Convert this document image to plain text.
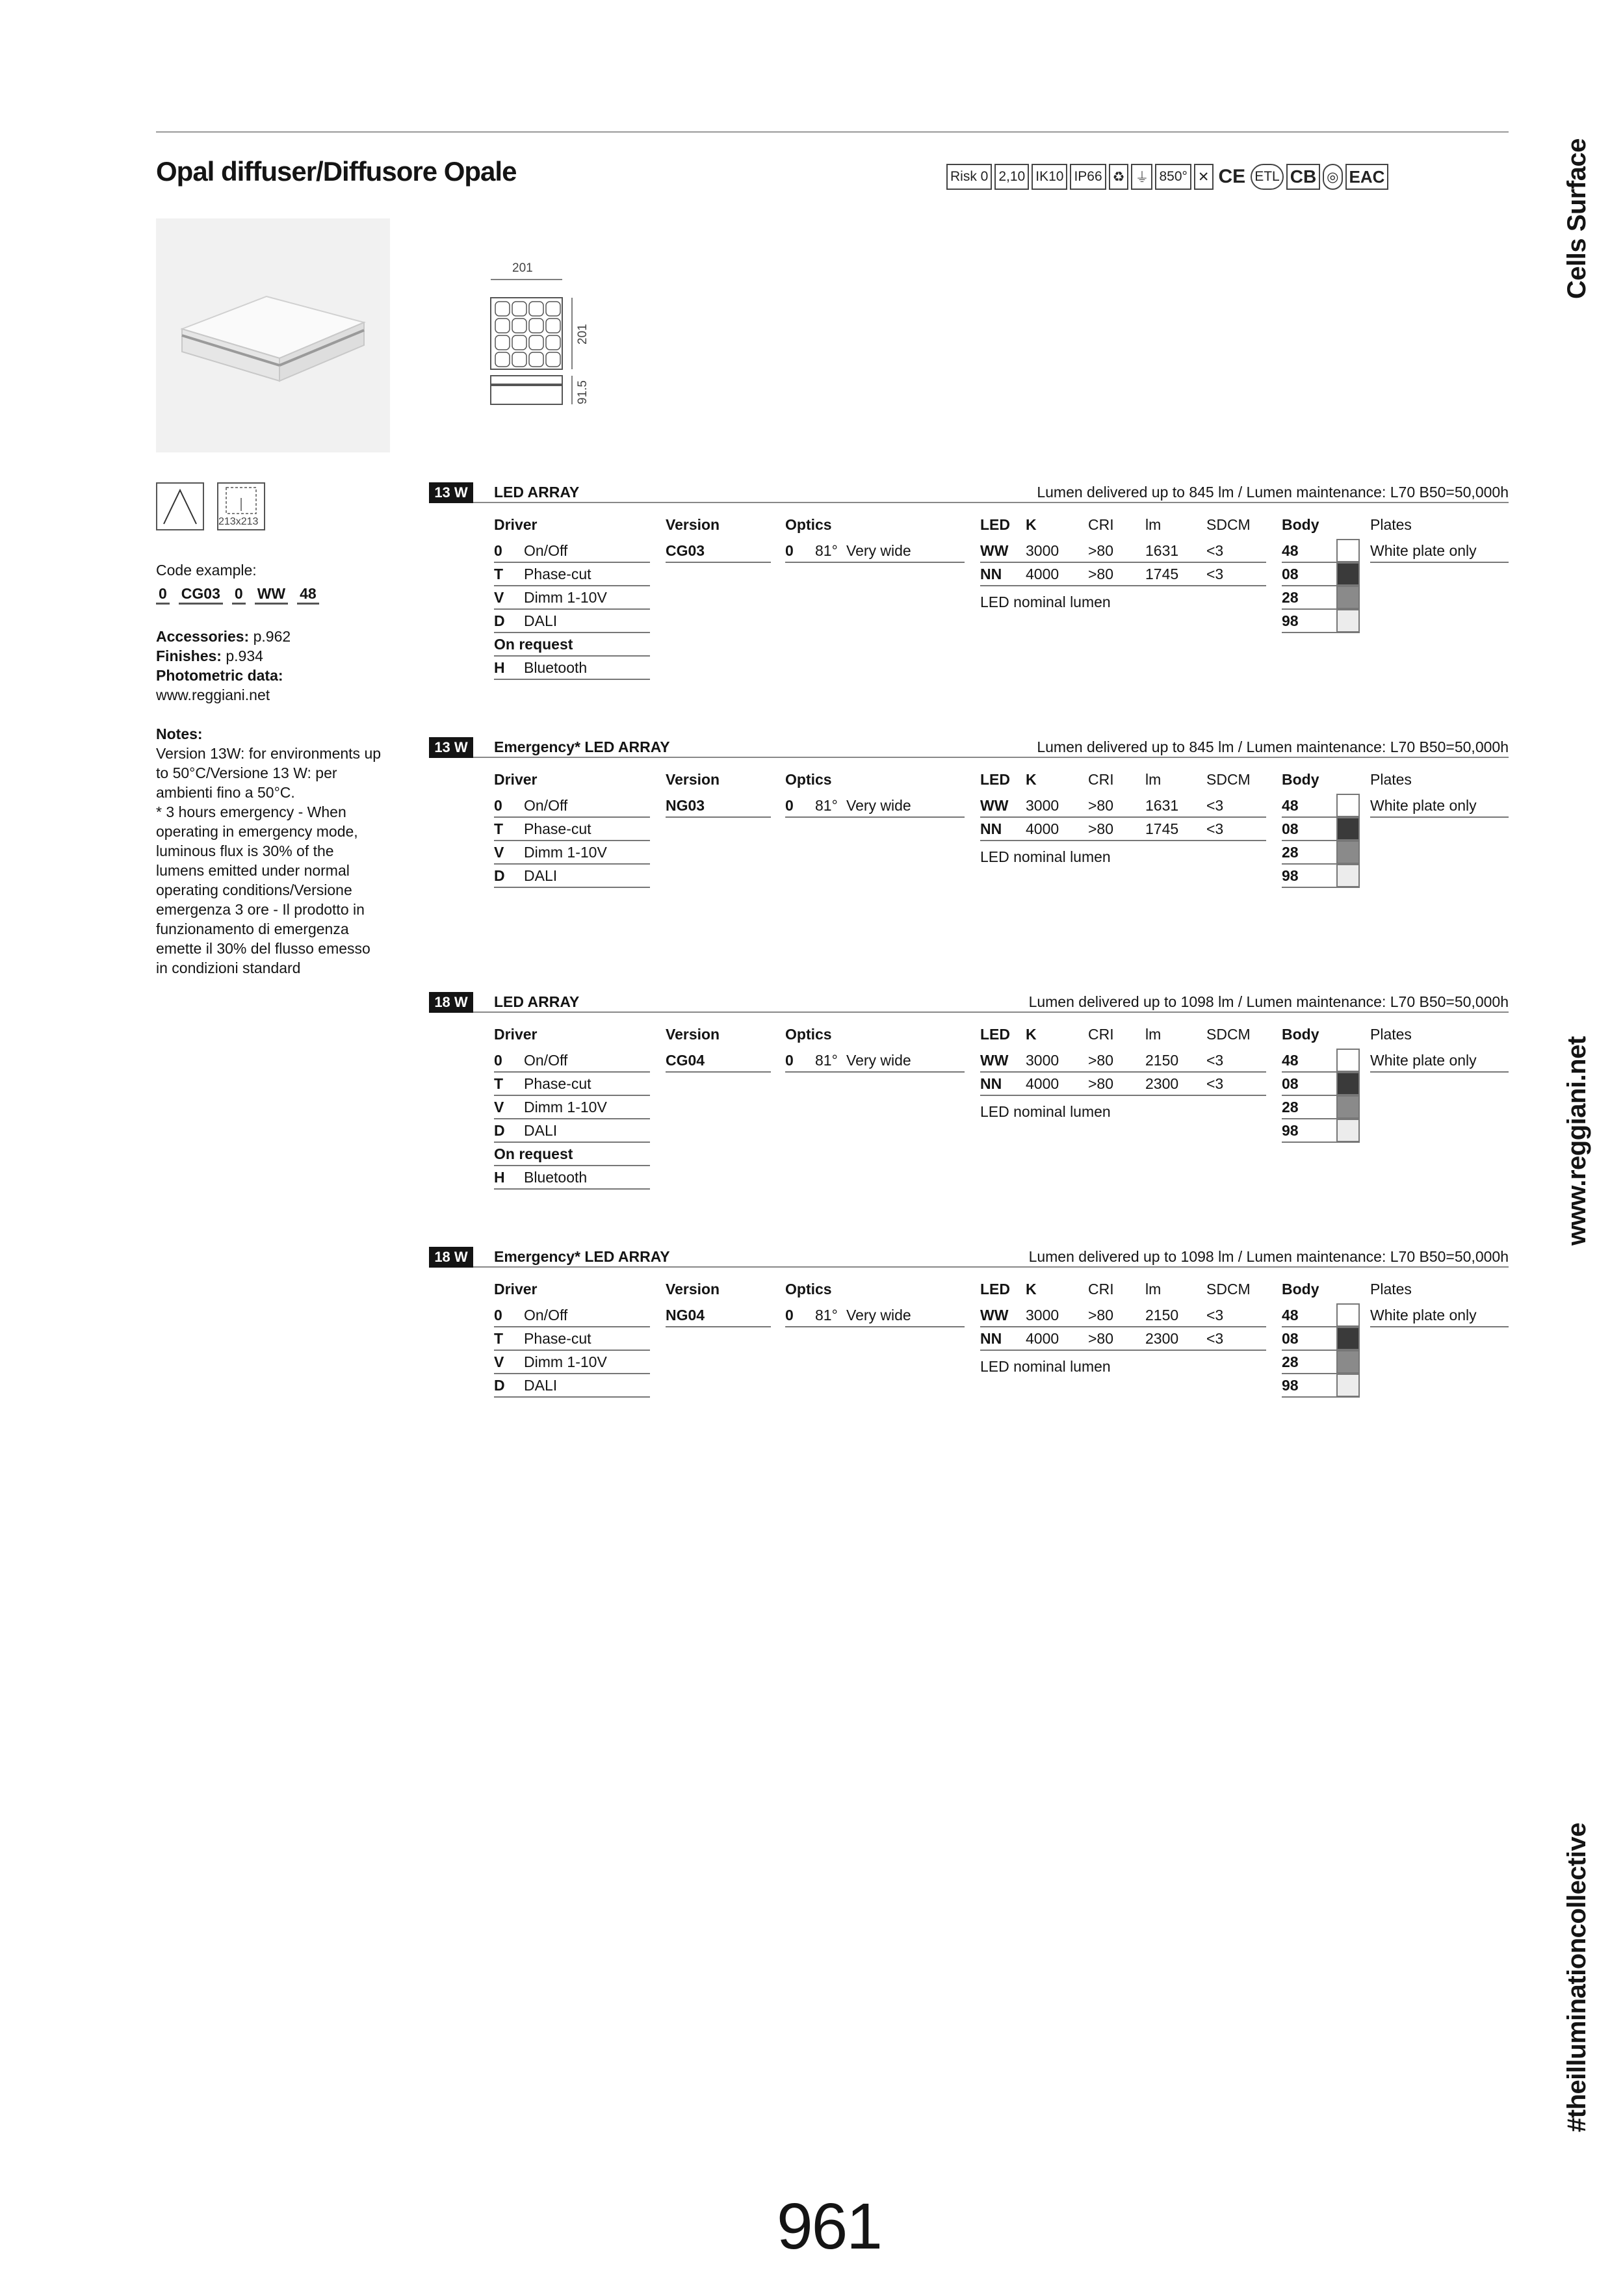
Opal diffuser/Diffusore Opale	Risk 0 2,10 IK10 IP66 ♻ ⏚ 850° ✕ CE ETL CB ◎ EAC
201
201
91.5
213x213
Code example:
0 CG03 0 WW 48
Accessories: p.962
Finishes: p.934
Photometric data:
www.reggiani.net
Notes:
Version 13W: for environments up to 50°C/Versione 13 W: per ambienti fino a 50°C.
* 3 hours emergency - When operating in emergency mode, luminous flux is 30% of the lumens emitted under normal operating conditions/Versione emergenza 3 ore - Il prodotto in funzionamento di emergenza emette il 30% del flusso emesso in condizioni standard
13 W	LED ARRAY	Lumen delivered up to 845 lm / Lumen maintenance: L70 B50=50,000h
Driver
0	On/Off
T	Phase-cut
V	Dimm 1-10V
D	DALI
On request
H	Bluetooth
Version
CG03
Optics
0	81° Very wide
LED	K	CRI	lm	SDCM
WW	3000	>80	1631	<3
NN	4000	>80	1745	<3
LED nominal lumen
Body
48
08
28
98
Plates
White plate only
13 W	Emergency* LED ARRAY	Lumen delivered up to 845 lm / Lumen maintenance: L70 B50=50,000h
Driver
0	On/Off
T	Phase-cut
V	Dimm 1-10V
D	DALI
Version
NG03
Optics
0	81° Very wide
LED	K	CRI	lm	SDCM
WW	3000	>80	1631	<3
NN	4000	>80	1745	<3
LED nominal lumen
Body
48
08
28
98
Plates
White plate only
18 W	LED ARRAY	Lumen delivered up to 1098 lm / Lumen maintenance: L70 B50=50,000h
Driver
0	On/Off
T	Phase-cut
V	Dimm 1-10V
D	DALI
On request
H	Bluetooth
Version
CG04
Optics
0	81° Very wide
LED	K	CRI	lm	SDCM
WW	3000	>80	2150	<3
NN	4000	>80	2300	<3
LED nominal lumen
Body
48
08
28
98
Plates
White plate only
18 W	Emergency* LED ARRAY	Lumen delivered up to 1098 lm / Lumen maintenance: L70 B50=50,000h
Driver
0	On/Off
T	Phase-cut
V	Dimm 1-10V
D	DALI
Version
NG04
Optics
0	81° Very wide
LED	K	CRI	lm	SDCM
WW	3000	>80	2150	<3
NN	4000	>80	2300	<3
LED nominal lumen
Body
48
08
28
98
Plates
White plate only
Cells Surface
www.reggiani.net
#theilluminationcollective
961
